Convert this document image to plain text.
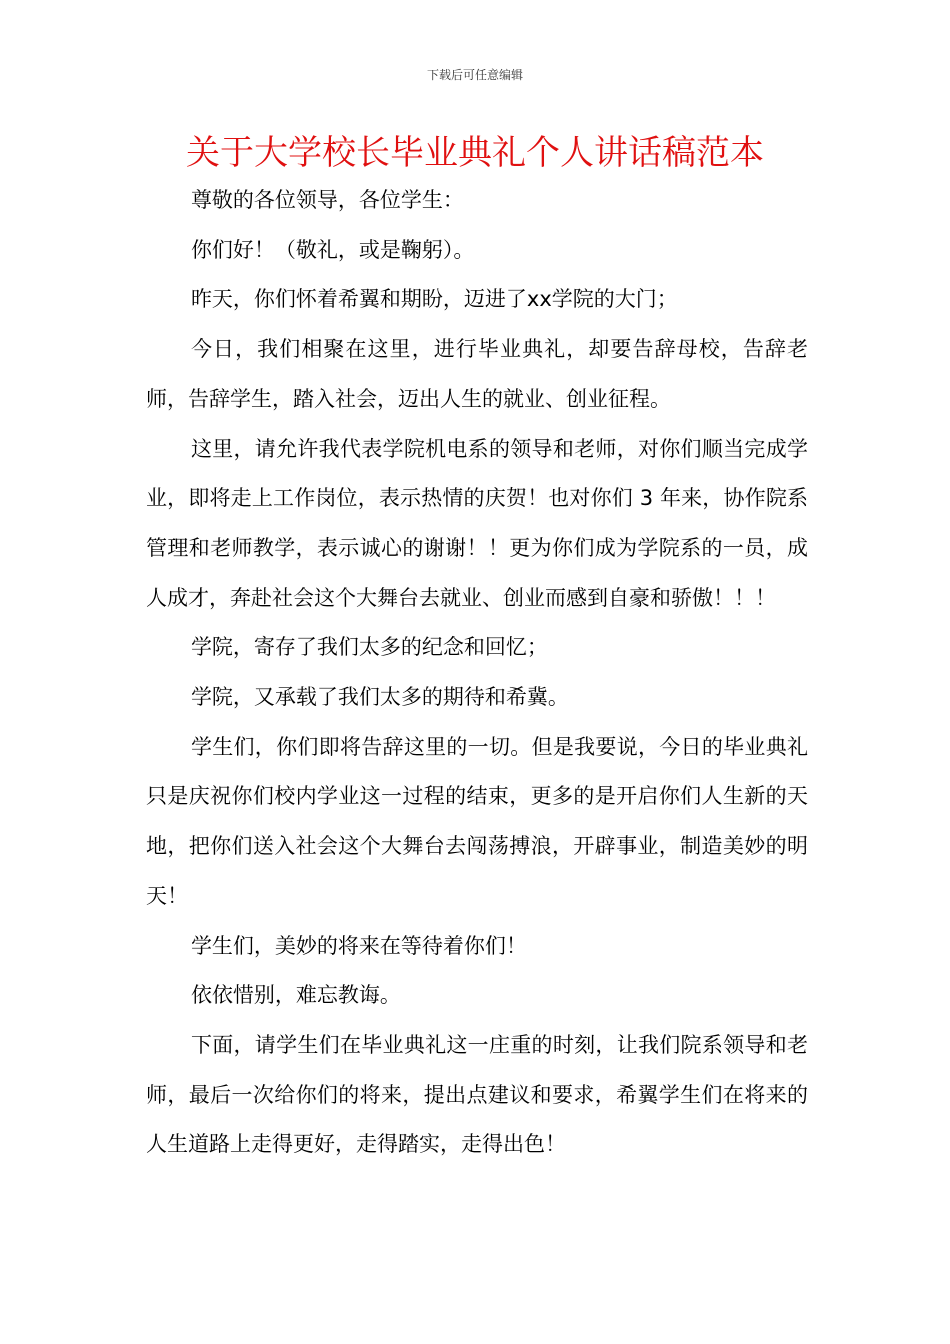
下载后可任意编辑
关于大学校长毕业典礼个人讲话稿范本

尊敬的各位领导，各位学生：

你们好！（敬礼，或是鞠躬）。

昨天，你们怀着希翼和期盼，迈进了xx学院的大门；

今日，我们相聚在这里，进行毕业典礼，却要告辞母校，告辞老师，告辞学生，踏入社会，迈出人生的就业、创业征程。

这里，请允许我代表学院机电系的领导和老师，对你们顺当完成学业，即将走上工作岗位，表示热情的庆贺！也对你们 3 年来，协作院系管理和老师教学，表示诚心的谢谢！！更为你们成为学院系的一员，成人成才，奔赴社会这个大舞台去就业、创业而感到自豪和骄傲！！！

学院，寄存了我们太多的纪念和回忆；

学院，又承载了我们太多的期待和希冀。

学生们，你们即将告辞这里的一切。但是我要说，今日的毕业典礼只是庆祝你们校内学业这一过程的结束，更多的是开启你们人生新的天地，把你们送入社会这个大舞台去闯荡搏浪，开辟事业，制造美妙的明天！

学生们，美妙的将来在等待着你们！

依依惜别，难忘教诲。

下面，请学生们在毕业典礼这一庄重的时刻，让我们院系领导和老师，最后一次给你们的将来，提出点建议和要求，希翼学生们在将来的人生道路上走得更好，走得踏实，走得出色！
